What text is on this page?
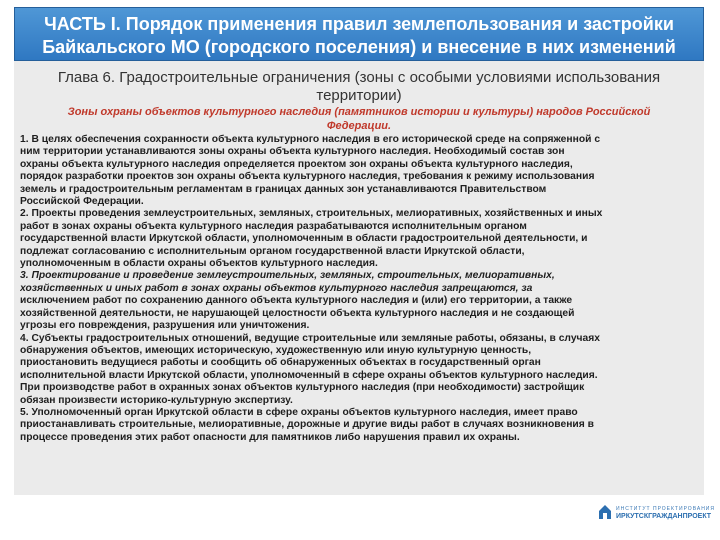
ЧАСТЬ I. Порядок применения правил землепользования и застройки
Байкальского МО (городского поселения) и внесение в них изменений
Глава 6. Градостроительные ограничения (зоны с особыми условиями использования
территории)
Зоны охраны объектов культурного наследия (памятников истории и культуры) народов Российской
Федерации.
1. В целях обеспечения сохранности объекта культурного наследия в его исторической среде на сопряженной с
ним территории устанавливаются зоны охраны объекта культурного наследия. Необходимый состав зон
охраны объекта культурного наследия определяется проектом зон охраны объекта культурного наследия,
порядок разработки проектов зон охраны объекта культурного наследия, требования к режиму использования
земель и градостроительным регламентам в границах данных зон устанавливаются Правительством
Российской Федерации.
2. Проекты проведения землеустроительных, земляных, строительных, мелиоративных, хозяйственных и иных
работ в зонах охраны объекта культурного наследия разрабатываются исполнительным органом
государственной власти Иркутской области, уполномоченным в области градостроительной деятельности, и
подлежат согласованию с исполнительным органом государственной власти Иркутской области,
уполномоченным в области охраны объектов культурного наследия.
3. Проектирование и проведение землеустроительных, земляных, строительных, мелиоративных,
хозяйственных и иных работ в зонах охраны объектов культурного наследия запрещаются, за
исключением работ по сохранению данного объекта культурного наследия и (или) его территории, а также
хозяйственной деятельности, не нарушающей целостности объекта культурного наследия и не создающей
угрозы его повреждения, разрушения или уничтожения.
4. Субъекты градостроительных отношений, ведущие строительные или земляные работы, обязаны, в случаях
обнаружения объектов, имеющих историческую, художественную или иную культурную ценность,
приостановить ведущиеся работы и сообщить об обнаруженных объектах в государственный орган
исполнительной власти Иркутской области, уполномоченный в сфере охраны объектов культурного наследия.
При производстве работ в охранных зонах объектов культурного наследия (при необходимости) застройщик
обязан произвести историко-культурную экспертизу.
5. Уполномоченный орган Иркутской области в сфере охраны объектов культурного наследия, имеет право
приостанавливать строительные, мелиоративные, дорожные и другие виды работ в случаях возникновения в
процессе проведения этих работ опасности для памятников либо нарушения правил их охраны.
ИНСТИТУТ ПРОЕКТИРОВАНИЯ
ИРКУТСКГРАЖДАНПРОЕКТ
